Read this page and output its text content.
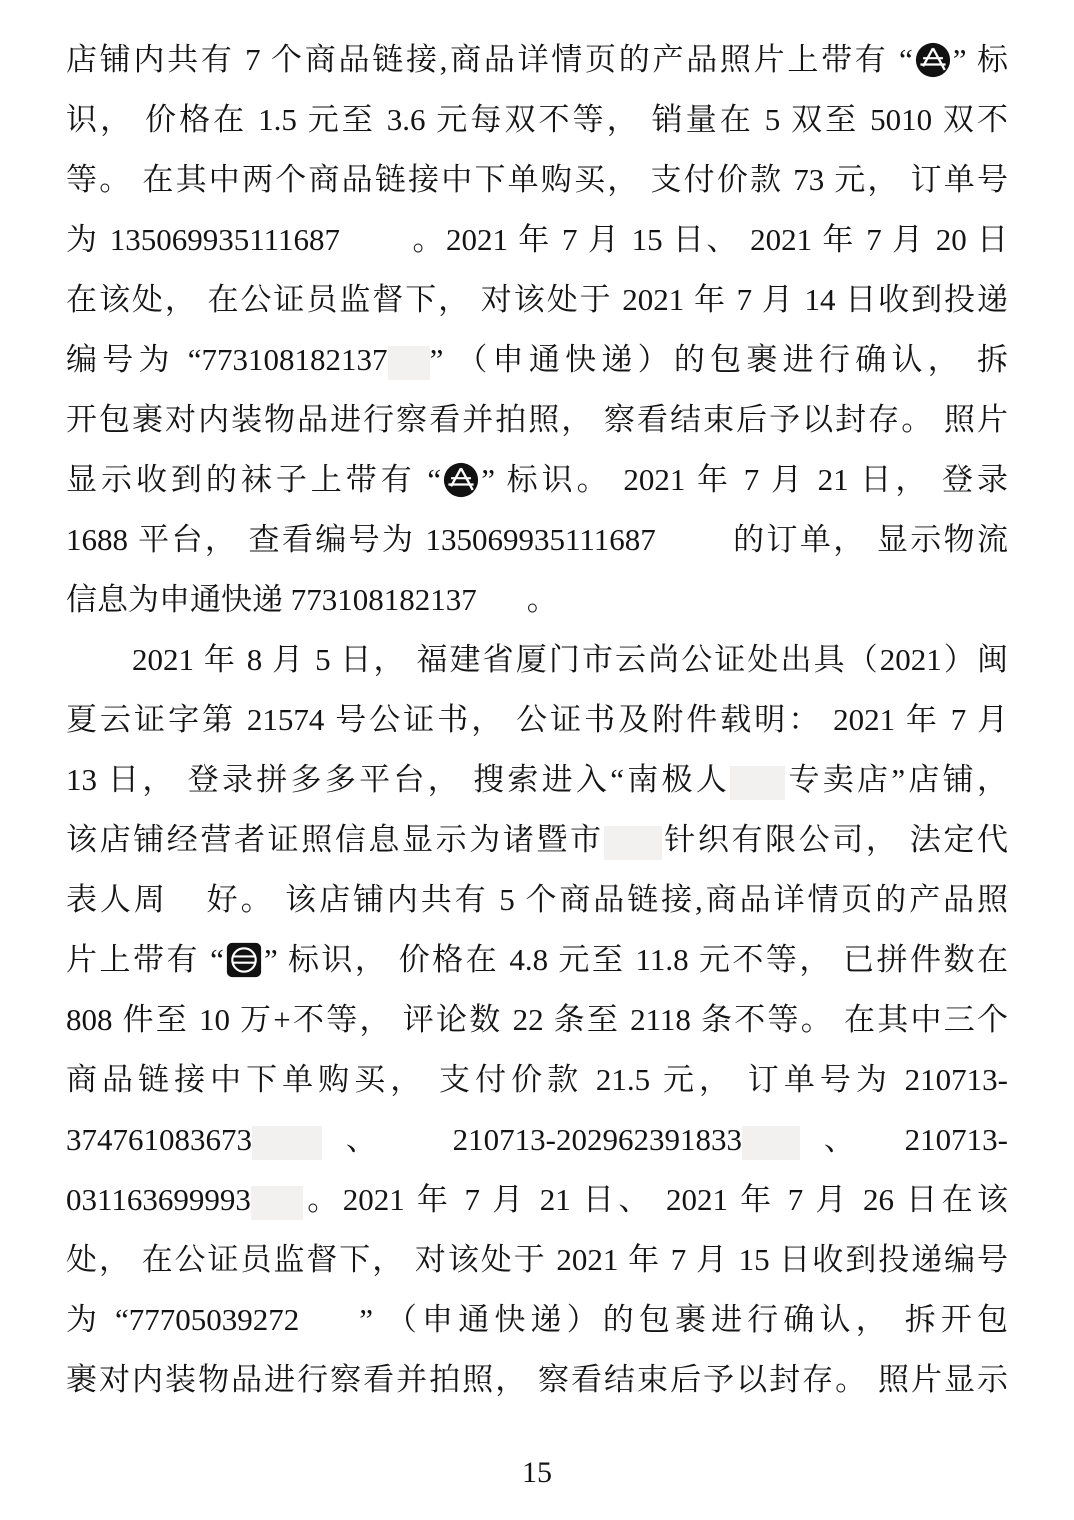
店铺内共有 7 个商品链接,商品详情页的产品照片上带有 “ ” 标
识， 价格在 1.5 元至 3.6 元每双不等， 销量在 5 双至 5010 双不
等。 在其中两个商品链接中下单购买， 支付价款 73 元， 订单号
为 135069935111687 。2021 年 7 月 15 日、 2021 年 7 月 20 日
在该处， 在公证员监督下， 对该处于 2021 年 7 月 14 日收到投递
编号为 “773108182137 ” （申通快递）的包裹进行确认， 拆
开包裹对内装物品进行察看并拍照， 察看结束后予以封存。 照片
显示收到的袜子上带有 “ ” 标识。 2021 年 7 月 21 日， 登录
1688 平台， 查看编号为 135069935111687 的订单， 显示物流
信息为申通快递 773108182137 。
2021 年 8 月 5 日， 福建省厦门市云尚公证处出具（2021）闽
夏云证字第 21574 号公证书， 公证书及附件载明： 2021 年 7 月
13 日， 登录拼多多平台， 搜索进入“南极人 专卖店”店铺，
该店铺经营者证照信息显示为诸暨市 针织有限公司， 法定代
表人周 好。 该店铺内共有 5 个商品链接,商品详情页的产品照
片上带有 “ ” 标识， 价格在 4.8 元至 11.8 元不等， 已拼件数在
808 件至 10 万+不等， 评论数 22 条至 2118 条不等。 在其中三个
商品链接中下单购买， 支付价款 21.5 元， 订单号为 210713-
374761083673 、 210713-202962391833 、 210713-
031163699993 。2021 年 7 月 21 日、 2021 年 7 月 26 日在该
处， 在公证员监督下， 对该处于 2021 年 7 月 15 日收到投递编号
为 “77705039272 ” （申通快递）的包裹进行确认， 拆开包
裹对内装物品进行察看并拍照， 察看结束后予以封存。 照片显示
15
